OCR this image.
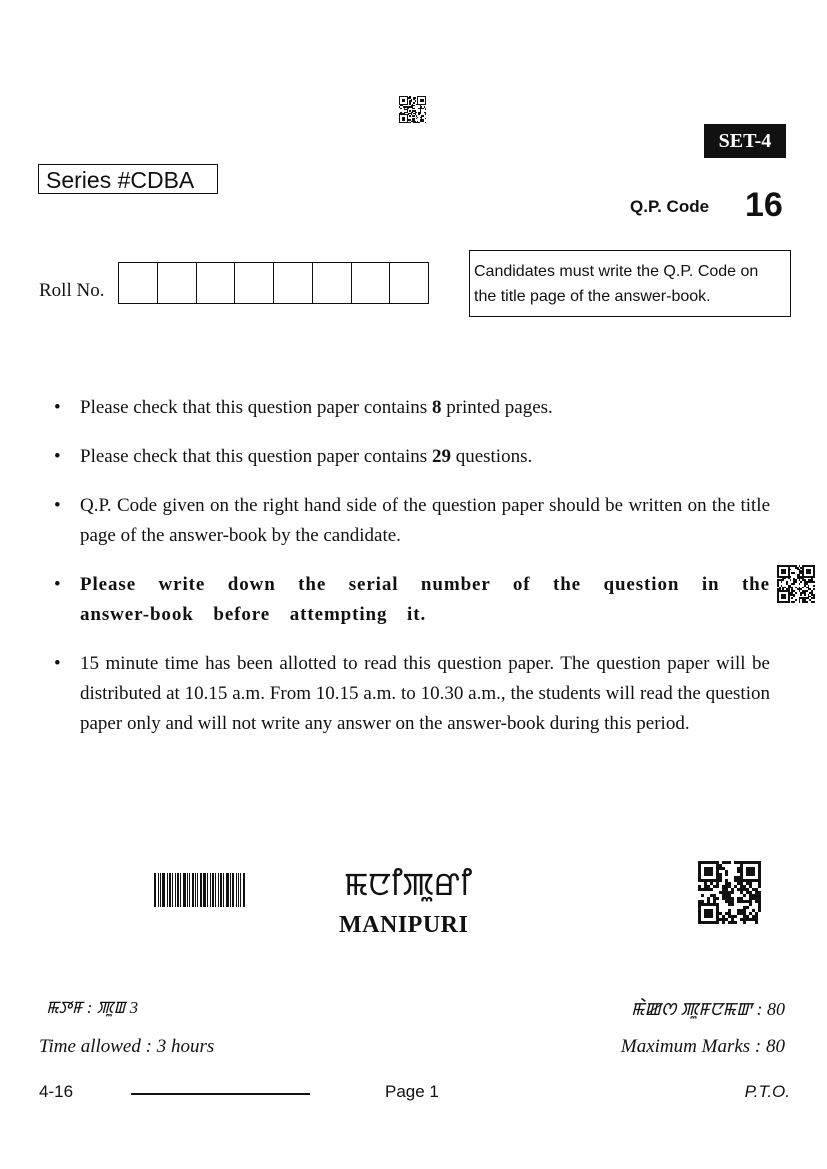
SET-4
Series #CDBA
Q.P. Code 16
Roll No.
Candidates must write the Q.P. Code on
the title page of the answer-book.
• Please check that this question paper contains 8 printed pages.
• Please check that this question paper contains 29 questions.
• Q.P. Code given on the right hand side of the question paper should be written on the title page of the answer-book by the candidate.
• Please write down the serial number of the question in the answer-book before attempting it.
• 15 minute time has been allotted to read this question paper. The question paper will be distributed at 10.15 a.m. From 10.15 a.m. to 10.30 a.m., the students will read the question paper only and will not write any answer on the answer-book during this period.
ꯃꯅꯤꯄꯨꯔꯤ
MANIPURI
ꯃꯇꯝ : ꯄꯨꯡ 3	ꯃꯥꯀꯁ ꯄꯨꯝꯅꯃꯛ : 80
Time allowed : 3 hours	Maximum Marks : 80
4-16	Page 1	P.T.O.
